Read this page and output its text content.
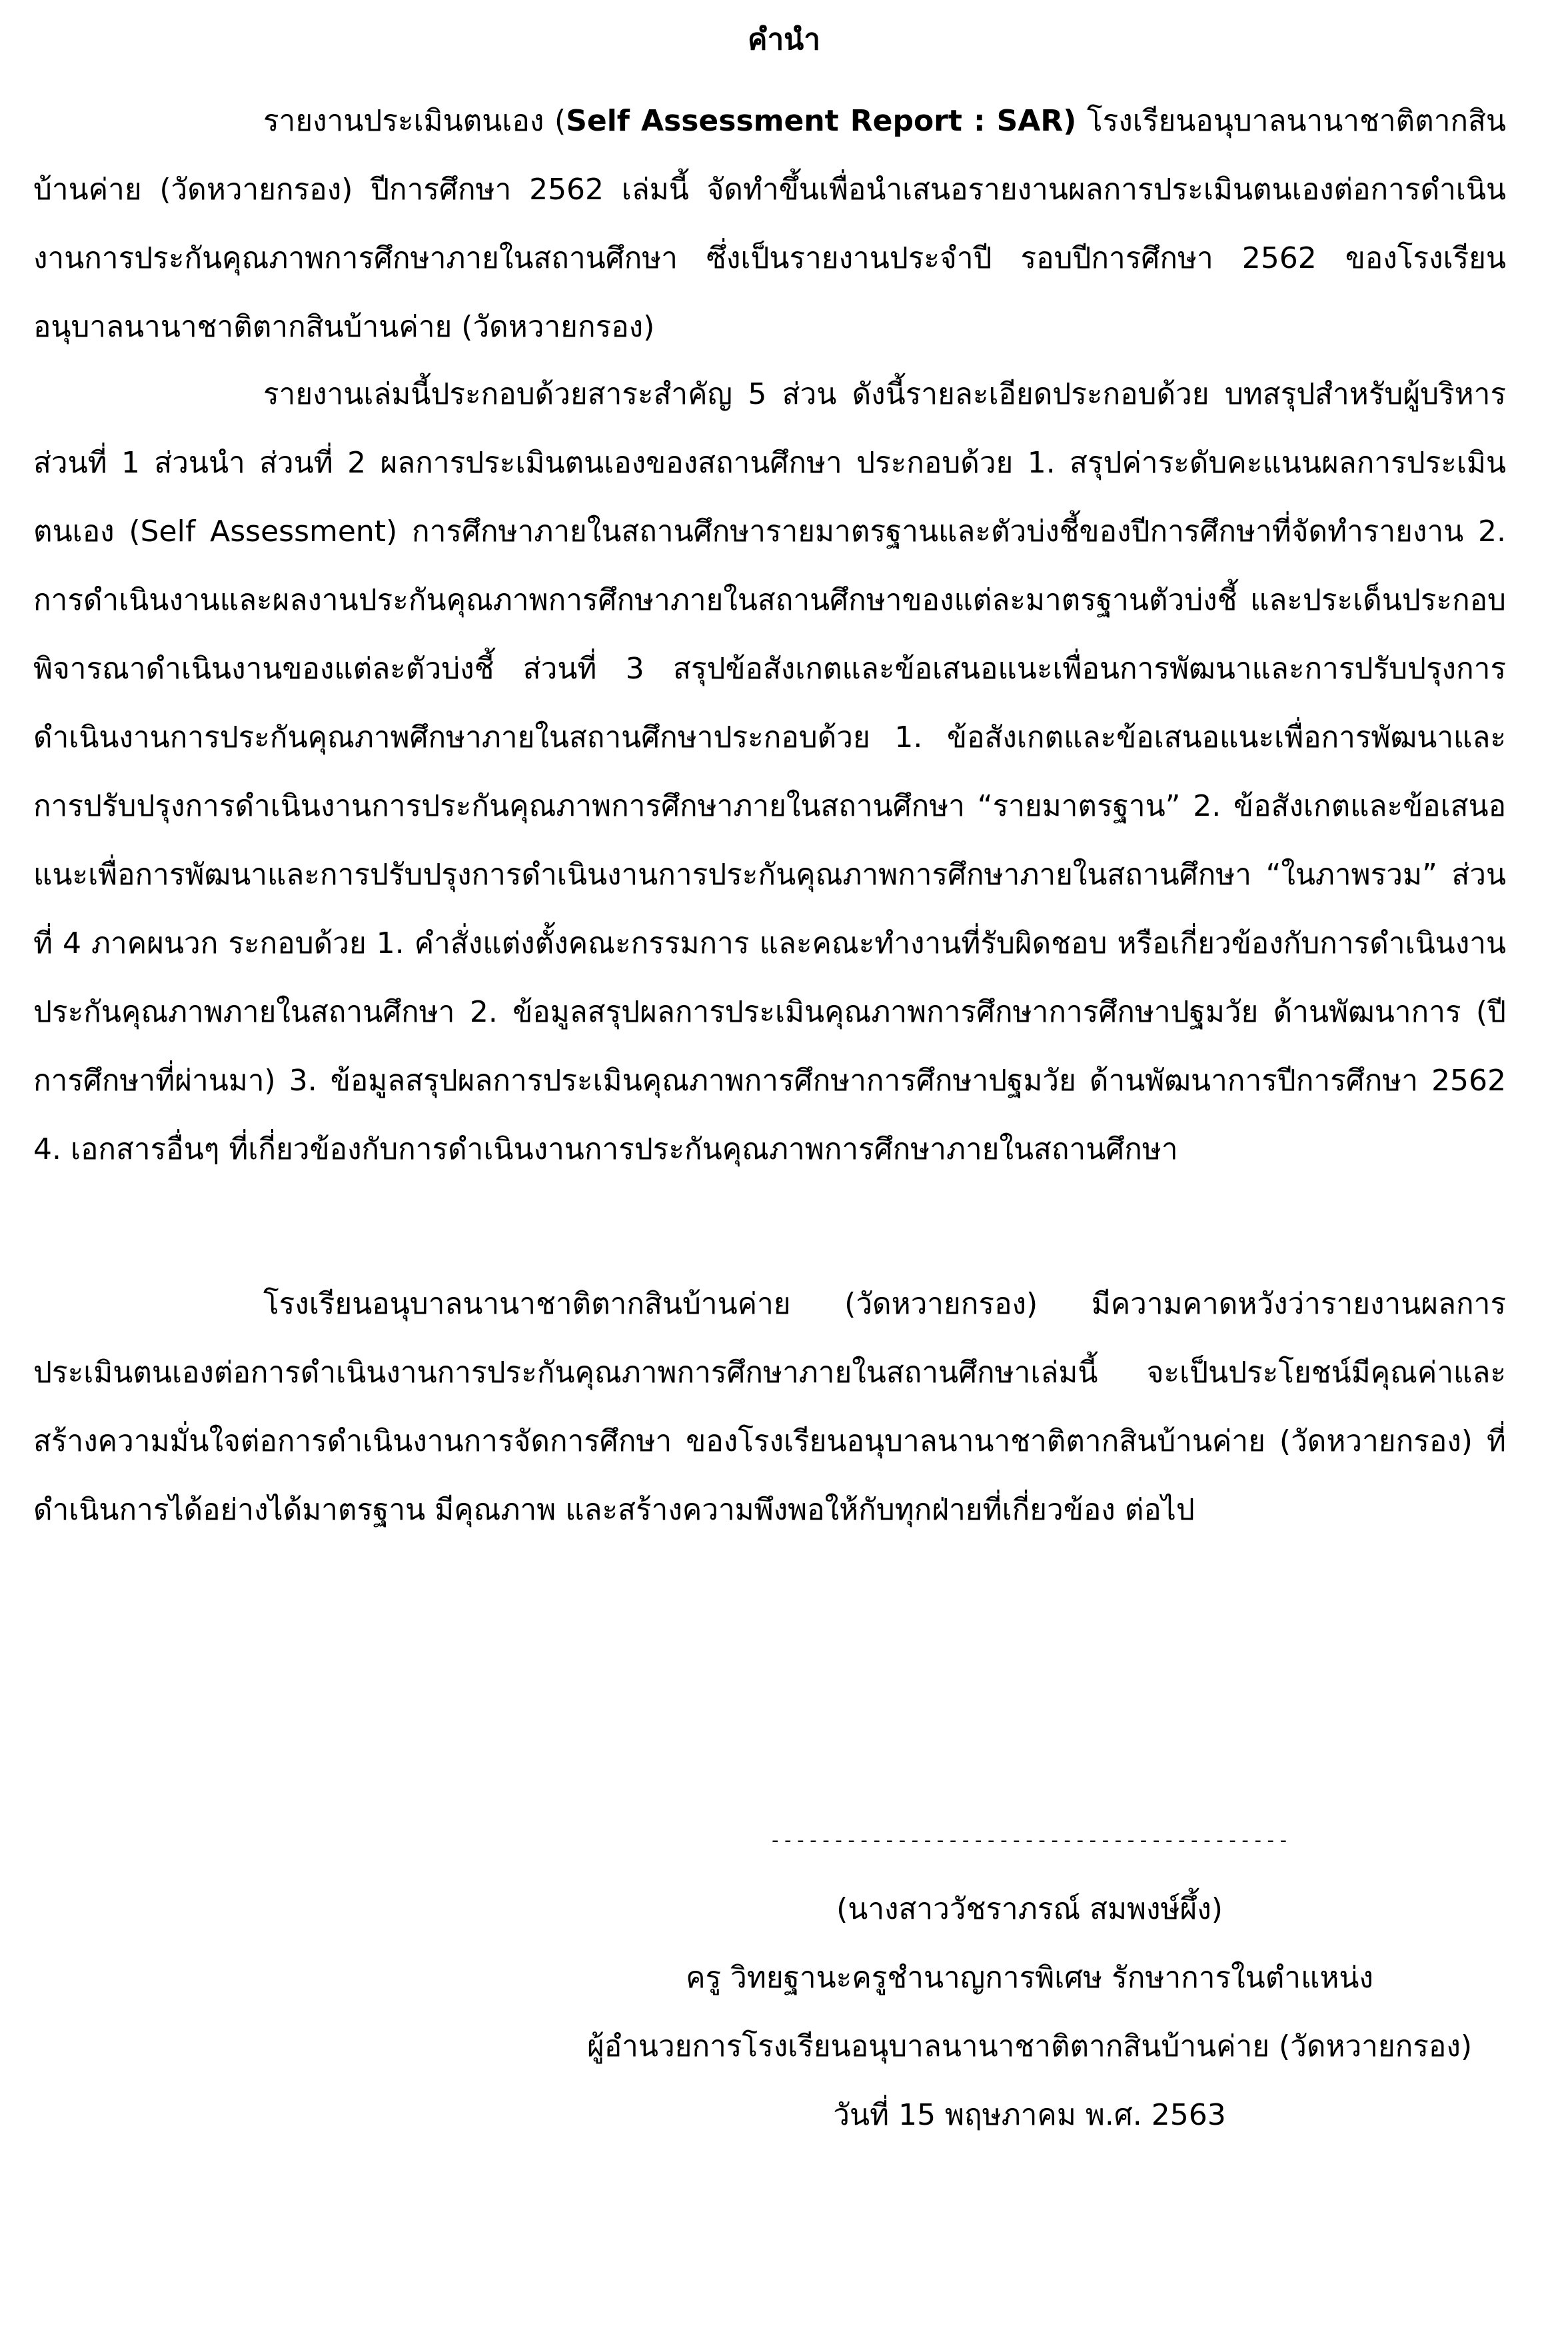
คำนำ

รายงานประเมินตนเอง (Self Assessment Report : SAR) โรงเรียนอนุบาลนานาชาติตากสินบ้านค่าย (วัดหวายกรอง) ปีการศึกษา 2562 เล่มนี้ จัดทำขึ้นเพื่อนำเสนอรายงานผลการประเมินตนเองต่อการดำเนินงานการประกันคุณภาพการศึกษาภายในสถานศึกษา ซึ่งเป็นรายงานประจำปี รอบปีการศึกษา 2562 ของโรงเรียนอนุบาลนานาชาติตากสินบ้านค่าย (วัดหวายกรอง)

รายงานเล่มนี้ประกอบด้วยสาระสำคัญ 5 ส่วน ดังนี้รายละเอียดประกอบด้วย บทสรุปสำหรับผู้บริหาร ส่วนที่ 1 ส่วนนำ ส่วนที่ 2 ผลการประเมินตนเองของสถานศึกษา ประกอบด้วย 1. สรุปค่าระดับคะแนนผลการประเมินตนเอง (Self Assessment) การศึกษาภายในสถานศึกษารายมาตรฐานและตัวบ่งชี้ของปีการศึกษาที่จัดทำรายงาน 2. การดำเนินงานและผลงานประกันคุณภาพการศึกษาภายในสถานศึกษาของแต่ละมาตรฐานตัวบ่งชี้ และประเด็นประกอบพิจารณาดำเนินงานของแต่ละตัวบ่งชี้ ส่วนที่ 3 สรุปข้อสังเกตและข้อเสนอแนะเพื่อนการพัฒนาและการปรับปรุงการดำเนินงานการประกันคุณภาพศึกษาภายในสถานศึกษาประกอบด้วย 1. ข้อสังเกตและข้อเสนอแนะเพื่อการพัฒนาและการปรับปรุงการดำเนินงานการประกันคุณภาพการศึกษาภายในสถานศึกษา “รายมาตรฐาน” 2. ข้อสังเกตและข้อเสนอแนะเพื่อการพัฒนาและการปรับปรุงการดำเนินงานการประกันคุณภาพการศึกษาภายในสถานศึกษา “ในภาพรวม” ส่วนที่ 4 ภาคผนวก ระกอบด้วย 1. คำสั่งแต่งตั้งคณะกรรมการ และคณะทำงานที่รับผิดชอบ หรือเกี่ยวข้องกับการดำเนินงานประกันคุณภาพภายในสถานศึกษา 2. ข้อมูลสรุปผลการประเมินคุณภาพการศึกษาการศึกษาปฐมวัย ด้านพัฒนาการ (ปีการศึกษาที่ผ่านมา) 3. ข้อมูลสรุปผลการประเมินคุณภาพการศึกษาการศึกษาปฐมวัย ด้านพัฒนาการปีการศึกษา 2562 4. เอกสารอื่นๆ ที่เกี่ยวข้องกับการดำเนินงานการประกันคุณภาพการศึกษาภายในสถานศึกษา

โรงเรียนอนุบาลนานาชาติตากสินบ้านค่าย (วัดหวายกรอง) มีความคาดหวังว่ารายงานผลการประเมินตนเองต่อการดำเนินงานการประกันคุณภาพการศึกษาภายในสถานศึกษาเล่มนี้ จะเป็นประโยชน์มีคุณค่าและสร้างความมั่นใจต่อการดำเนินงานการจัดการศึกษา ของโรงเรียนอนุบาลนานาชาติตากสินบ้านค่าย (วัดหวายกรอง) ที่ดำเนินการได้อย่างได้มาตรฐาน มีคุณภาพ และสร้างความพึงพอให้กับทุกฝ่ายที่เกี่ยวข้อง ต่อไป

-----------------------------------------
(นางสาววัชราภรณ์ สมพงษ์ผึ้ง)
ครู วิทยฐานะครูชำนาญการพิเศษ รักษาการในตำแหน่ง
ผู้อำนวยการโรงเรียนอนุบาลนานาชาติตากสินบ้านค่าย (วัดหวายกรอง)
วันที่ 15 พฤษภาคม พ.ศ. 2563
